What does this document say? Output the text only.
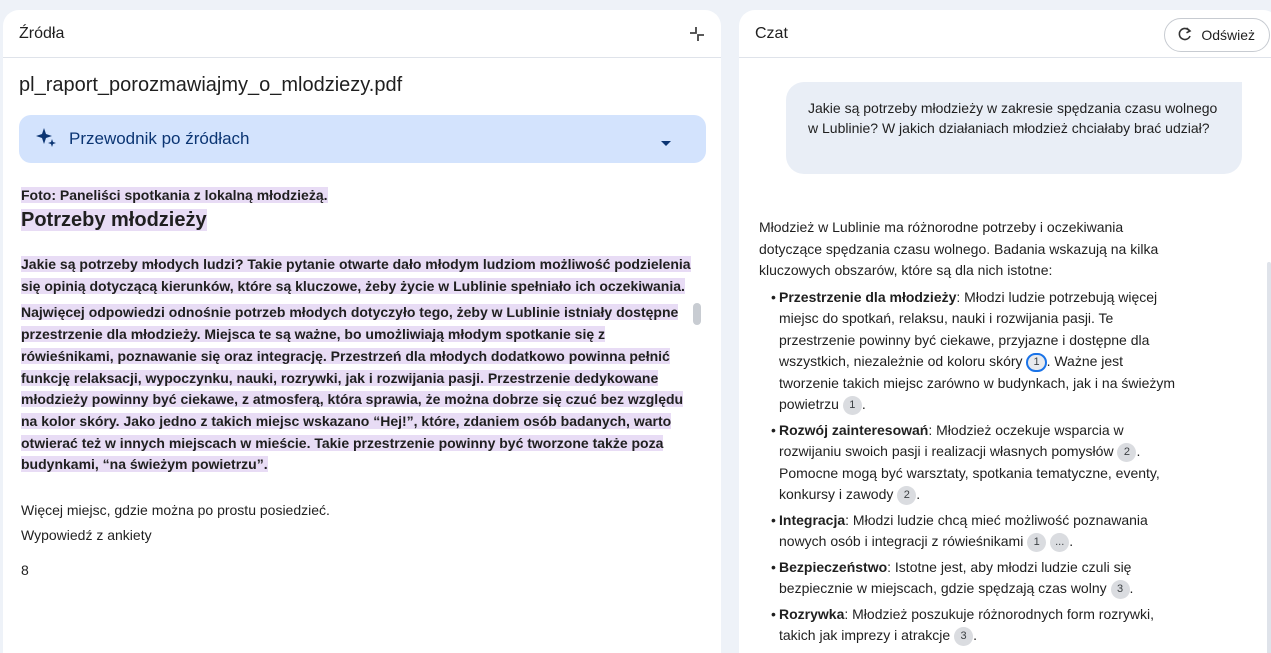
Źródła
pl_raport_porozmawiajmy_o_mlodziezy.pdf
Przewodnik po źródłach
Foto: Paneliści spotkania z lokalną młodzieżą.
Potrzeby młodzieży
Jakie są potrzeby młodych ludzi? Takie pytanie otwarte dało młodym ludziom możliwość podzielenia się opinią dotyczącą kierunków, które są kluczowe, żeby życie w Lublinie spełniało ich oczekiwania.
Najwięcej odpowiedzi odnośnie potrzeb młodych dotyczyło tego, żeby w Lublinie istniały dostępne przestrzenie dla młodzieży. Miejsca te są ważne, bo umożliwiają młodym spotkanie się z rówieśnikami, poznawanie się oraz integrację. Przestrzeń dla młodych dodatkowo powinna pełnić funkcję relaksacji, wypoczynku, nauki, rozrywki, jak i rozwijania pasji. Przestrzenie dedykowane młodzieży powinny być ciekawe, z atmosferą, która sprawia, że można dobrze się czuć bez względu na kolor skóry. Jako jedno z takich miejsc wskazano “Hej!”, które, zdaniem osób badanych, warto otwierać też w innych miejscach w mieście. Takie przestrzenie powinny być tworzone także poza budynkami, “na świeżym powietrzu”.
Więcej miejsc, gdzie można po prostu posiedzieć.
Wypowiedź z ankiety
8
Czat	Odśwież
Jakie są potrzeby młodzieży w zakresie spędzania czasu wolnego w Lublinie? W jakich działaniach młodzież chciałaby brać udział?
Młodzież w Lublinie ma różnorodne potrzeby i oczekiwania dotyczące spędzania czasu wolnego. Badania wskazują na kilka kluczowych obszarów, które są dla nich istotne:
• Przestrzenie dla młodzieży: Młodzi ludzie potrzebują więcej miejsc do spotkań, relaksu, nauki i rozwijania pasji. Te przestrzenie powinny być ciekawe, przyjazne i dostępne dla wszystkich, niezależnie od koloru skóry 1 . Ważne jest tworzenie takich miejsc zarówno w budynkach, jak i na świeżym powietrzu 1 .
• Rozwój zainteresowań: Młodzież oczekuje wsparcia w rozwijaniu swoich pasji i realizacji własnych pomysłów 2 . Pomocne mogą być warsztaty, spotkania tematyczne, eventy, konkursy i zawody 2 .
• Integracja: Młodzi ludzie chcą mieć możliwość poznawania nowych osób i integracji z rówieśnikami 1 ... .
• Bezpieczeństwo: Istotne jest, aby młodzi ludzie czuli się bezpiecznie w miejscach, gdzie spędzają czas wolny 3 .
• Rozrywka: Młodzież poszukuje różnorodnych form rozrywki, takich jak imprezy i atrakcje 3 .
